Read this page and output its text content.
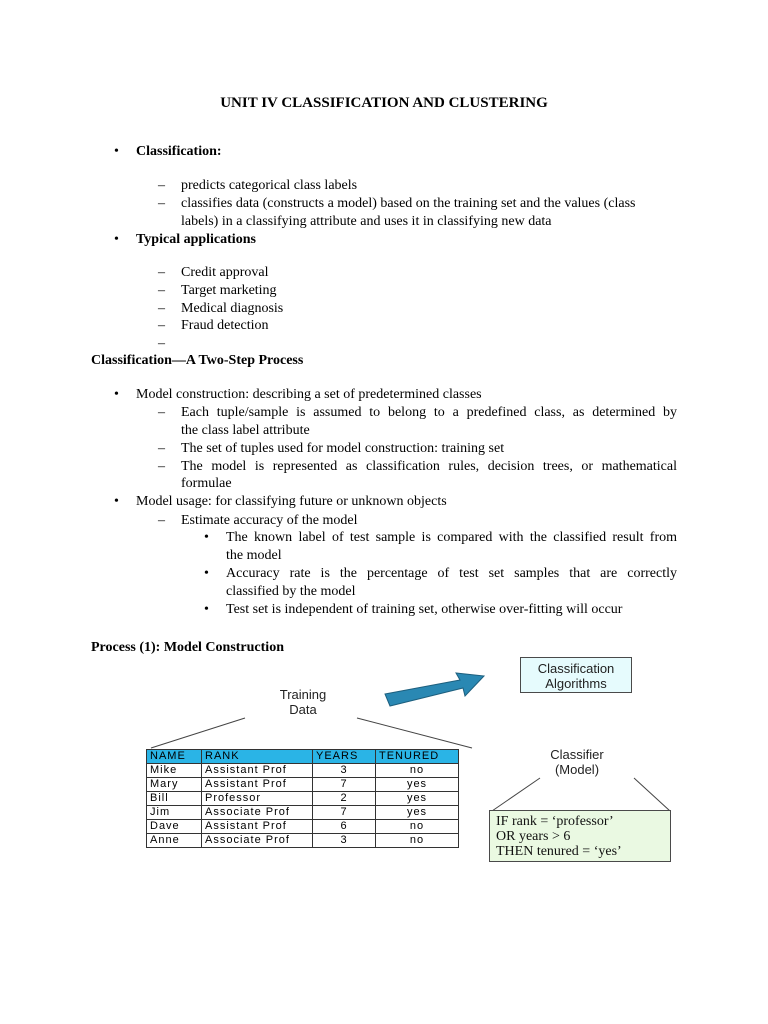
UNIT IV CLASSIFICATION AND CLUSTERING
• Classification:
– predicts categorical class labels
– classifies data (constructs a model) based on the training set and the values (class
labels) in a classifying attribute and uses it in classifying new data
• Typical applications
– Credit approval
– Target marketing
– Medical diagnosis
– Fraud detection
–
Classification—A Two-Step Process
• Model construction: describing a set of predetermined classes
– Each tuple/sample is assumed to belong to a predefined class, as determined by
the class label attribute
– The set of tuples used for model construction: training set
– The model is represented as classification rules, decision trees, or mathematical
formulae
• Model usage: for classifying future or unknown objects
– Estimate accuracy of the model
• The known label of test sample is compared with the classified result from
the model
• Accuracy rate is the percentage of test set samples that are correctly
classified by the model
• Test set is independent of training set, otherwise over-fitting will occur
Process (1): Model Construction
Training
Data
Classification
Algorithms
Classifier
(Model)
IF rank = ‘professor’
OR years > 6
THEN tenured = ‘yes’
NAME	RANK	YEARS	TENURED
Mike	Assistant Prof	3	no
Mary	Assistant Prof	7	yes
Bill	Professor	2	yes
Jim	Associate Prof	7	yes
Dave	Assistant Prof	6	no
Anne	Associate Prof	3	no
